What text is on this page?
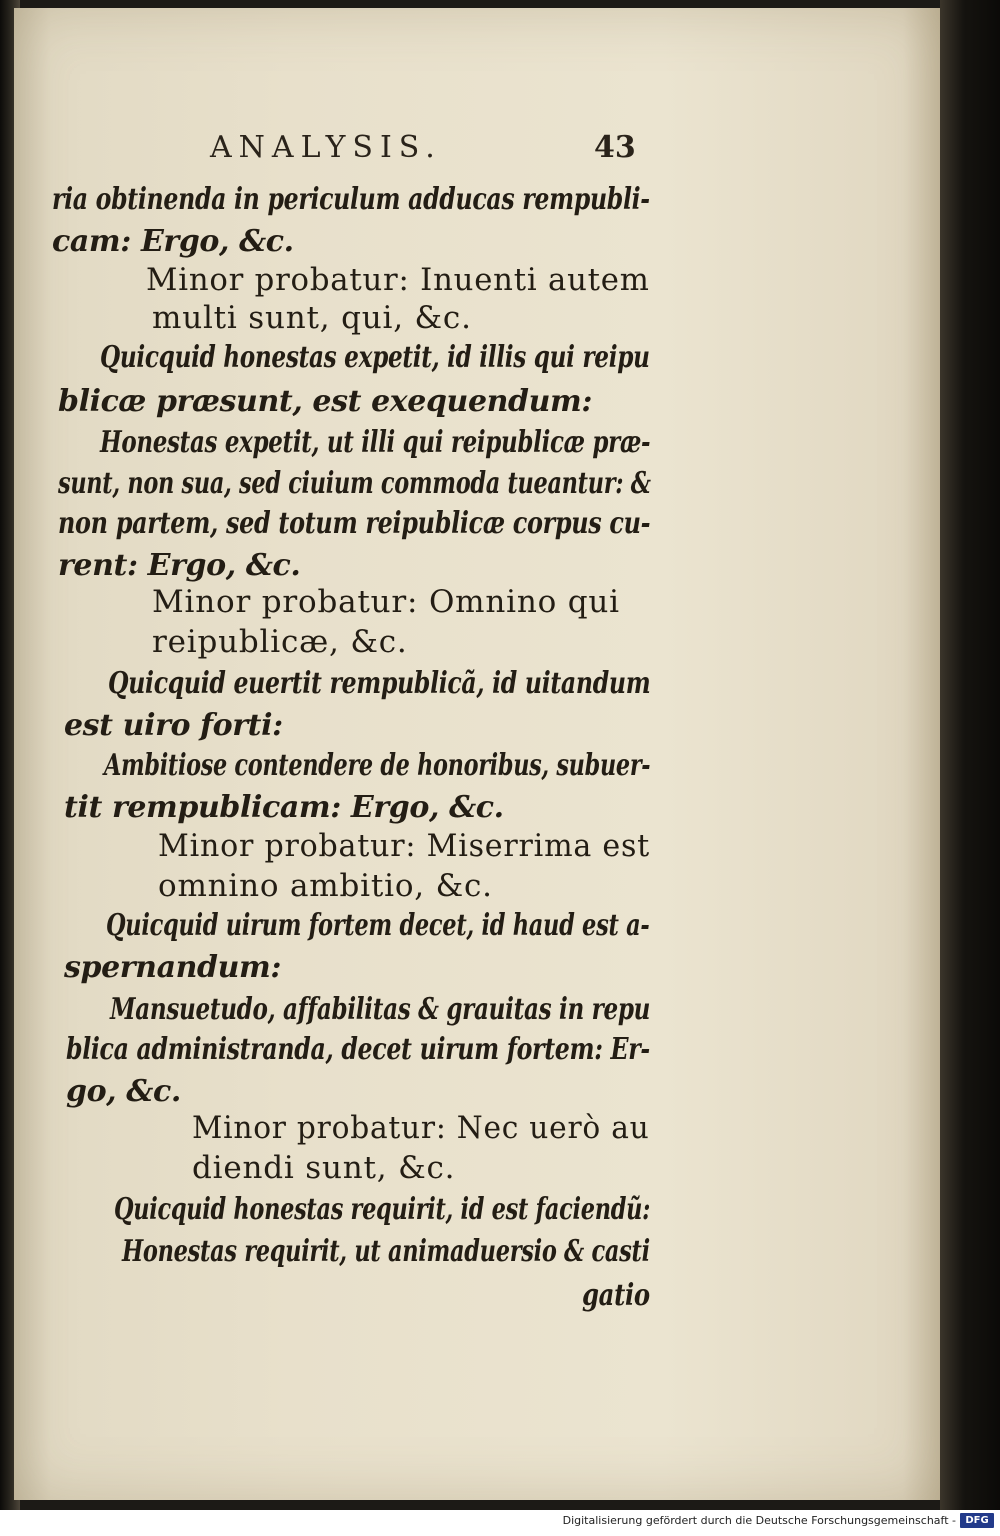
ANALYSIS.	43
ria obtinenda in periculum adducas rempubli-
cam: Ergo, &c.
Minor probatur: Inuenti autem
multi sunt, qui, &c.
Quicquid honestas expetit, id illis qui reipu
blicæ præsunt, est exequendum:
Honestas expetit, ut illi qui reipublicæ præ-
sunt, non sua, sed ciuium commoda tueantur: &
non partem, sed totum reipublicæ corpus cu-
rent: Ergo, &c.
Minor probatur: Omnino qui
reipublicæ, &c.
Quicquid euertit rempublicã, id uitandum
est uiro forti:
Ambitiose contendere de honoribus, subuer-
tit rempublicam: Ergo, &c.
Minor probatur: Miserrima est
omnino ambitio, &c.
Quicquid uirum fortem decet, id haud est a-
spernandum:
Mansuetudo, affabilitas & grauitas in repu
blica administranda, decet uirum fortem: Er-
go, &c.
Minor probatur: Nec uerò au
diendi sunt, &c.
Quicquid honestas requirit, id est faciendũ:
Honestas requirit, ut animaduersio & casti
gatio
Digitalisierung gefördert durch die Deutsche Forschungsgemeinschaft - DFG
